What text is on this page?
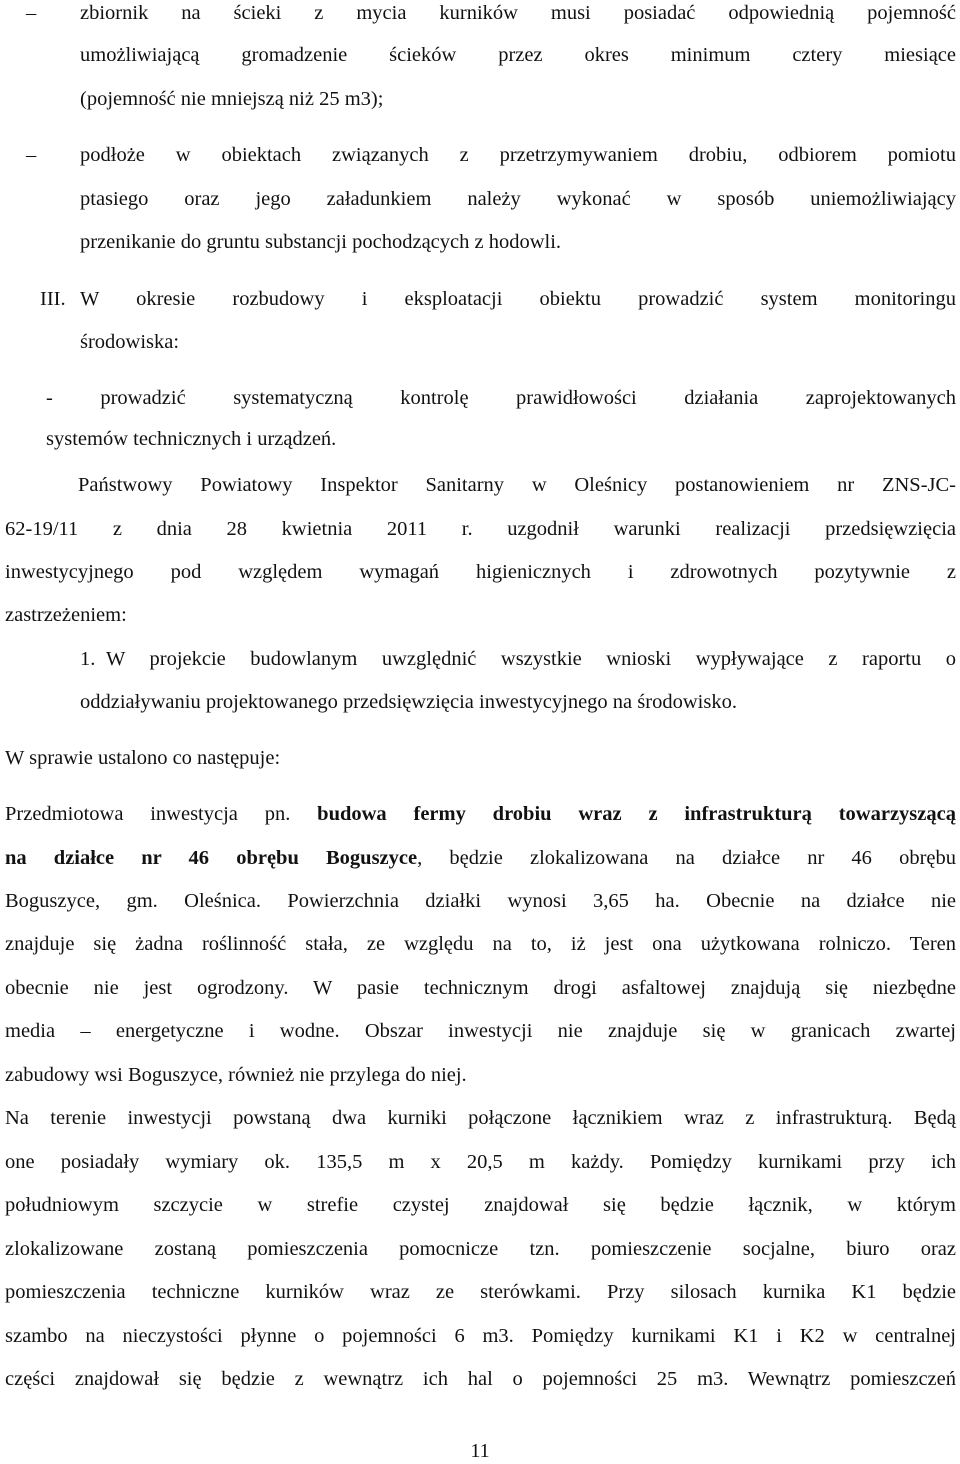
– zbiornik na ścieki z mycia kurników musi posiadać odpowiednią pojemność
umożliwiającą gromadzenie ścieków przez okres minimum cztery miesiące
(pojemność nie mniejszą niż 25 m3);
– podłoże w obiektach związanych z przetrzymywaniem drobiu, odbiorem pomiotu
ptasiego oraz jego załadunkiem należy wykonać w sposób uniemożliwiający
przenikanie do gruntu substancji pochodzących z hodowli.
III. W okresie rozbudowy i eksploatacji obiektu prowadzić system monitoringu
środowiska:
- prowadzić systematyczną kontrolę prawidłowości działania zaprojektowanych
systemów technicznych i urządzeń.
Państwowy Powiatowy Inspektor Sanitarny w Oleśnicy postanowieniem nr ZNS-JC-
62-19/11 z dnia 28 kwietnia 2011 r. uzgodnił warunki realizacji przedsięwzięcia
inwestycyjnego pod względem wymagań higienicznych i zdrowotnych pozytywnie z
zastrzeżeniem:
1. W projekcie budowlanym uwzględnić wszystkie wnioski wypływające z raportu o
oddziaływaniu projektowanego przedsięwzięcia inwestycyjnego na środowisko.
W sprawie ustalono co następuje:
Przedmiotowa inwestycja pn. budowa fermy drobiu wraz z infrastrukturą towarzyszącą
na działce nr 46 obrębu Boguszyce, będzie zlokalizowana na działce nr 46 obrębu
Boguszyce, gm. Oleśnica. Powierzchnia działki wynosi 3,65 ha. Obecnie na działce nie
znajduje się żadna roślinność stała, ze względu na to, iż jest ona użytkowana rolniczo. Teren
obecnie nie jest ogrodzony. W pasie technicznym drogi asfaltowej znajdują się niezbędne
media – energetyczne i wodne. Obszar inwestycji nie znajduje się w granicach zwartej
zabudowy wsi Boguszyce, również nie przylega do niej.
Na terenie inwestycji powstaną dwa kurniki połączone łącznikiem wraz z infrastrukturą. Będą
one posiadały wymiary ok. 135,5 m x 20,5 m każdy. Pomiędzy kurnikami przy ich
południowym szczycie w strefie czystej znajdował się będzie łącznik, w którym
zlokalizowane zostaną pomieszczenia pomocnicze tzn. pomieszczenie socjalne, biuro oraz
pomieszczenia techniczne kurników wraz ze sterówkami. Przy silosach kurnika K1 będzie
szambo na nieczystości płynne o pojemności 6 m3. Pomiędzy kurnikami K1 i K2 w centralnej
części znajdował się będzie z wewnątrz ich hal o pojemności 25 m3. Wewnątrz pomieszczeń
11
